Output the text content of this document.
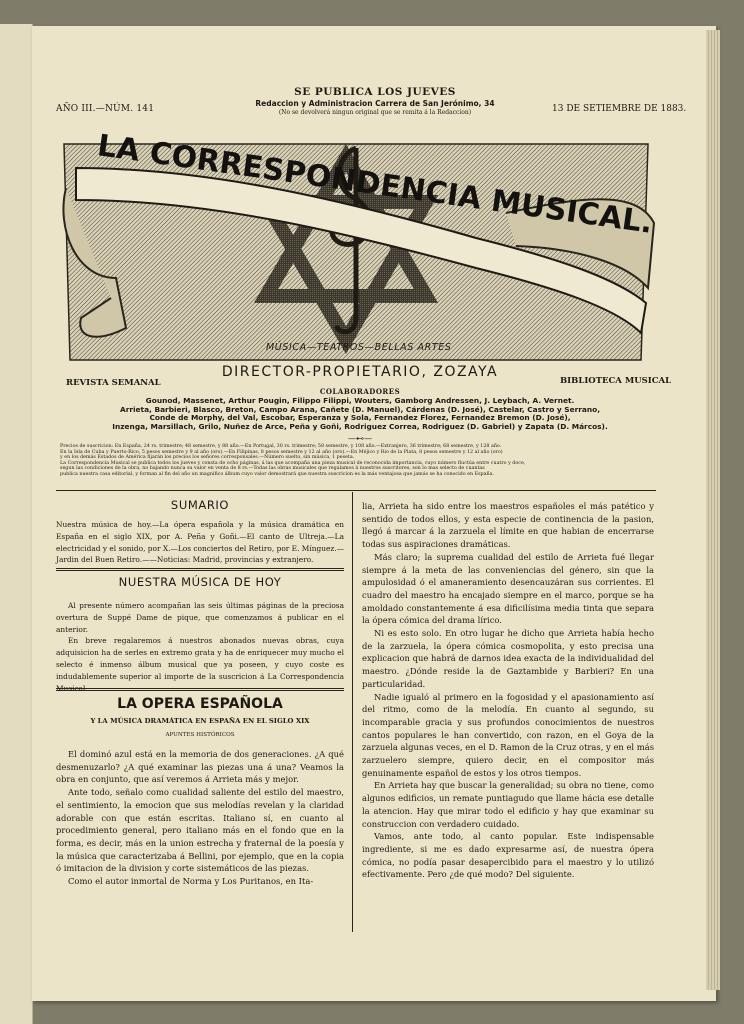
AÑO III.—NÚM. 141
SE PUBLICA LOS JUEVES
Redaccion y Administracion Carrera de San Jerónimo, 34
(No se devolverá ningun original que se remita á la Redaccion)	13 DE SETIEMBRE DE 1883.
LA CORRESPONDENCIA MUSICAL.
MÚSICA—TEATROS—BELLAS ARTES
DIRECTOR-PROPIETARIO, ZOZAYA
REVISTA SEMANAL	BIBLIOTECA MUSICAL
COLABORADORES
Gounod, Massenet, Arthur Pougin, Filippo Filippi, Wouters, Gamborg Andressen, J. Leybach, A. Vernet.
Arrieta, Barbieri, Blasco, Breton, Campo Arana, Cañete (D. Manuel), Cárdenas (D. José), Castelar, Castro y Serrano,
Conde de Morphy, del Val, Escobar, Esperanza y Sola, Fernandez Florez, Fernandez Bremon (D. José),
Inzenga, Marsillach, Grilo, Nuñez de Arce, Peña y Goñi, Rodriguez Correa, Rodriguez (D. Gabriel) y Zapata (D. Márcos).
—⊷—
Precios de suscricion: En España, 24 rs. trimestre; 48 semestre, y 88 año.—En Portugal, 30 rs. trimestre; 58 semestre, y 108 año.—Extranjero, 36 trimestre; 68 semestre, y 128 año.
En la Isla de Cuba y Puerto-Rico, 5 pesos semestre y 9 al año (oro).—En Filipinas, 8 pesos semestre y 12 al año (oro).—En Méjico y Rio de la Plata, 8 pesos semestre y 12 al año (oro)
y en los demás Estados de América fijarán los precios los señores corresponsales.—Número suelto, sin música, 1 peseta.
La Correspondencia Musical se publica todos los jueves y consta de ocho páginas, á las que acompaña una pieza musical de reconocida importancia, cuyo número fluctúa entre cuatro y doce,
segun las condiciones de la obra, no bajando nunca su valor en venta de 8 rs.—Todas las obras musicales que regalamos á nuestros suscritores, son lo mas selecto de cuantas
publica nuestra casa editorial, y forman al fin del año un magnífico álbum cuyo valor demostrará que nuestra suscricion es la más ventajosa que jamás se ha conocido en España.
SUMARIO

Nuestra música de hoy.—La ópera española y la música dramática en España en el siglo XIX, por A. Peña y Goñi.—El canto de Ultreja.—La electricidad y el sonido, por X.—Los conciertos del Retiro, por E. Mínguez.—Jardin del Buen Retiro.——Noticias: Madrid, provincias y extranjero.

NUESTRA MÚSICA DE HOY

Al presente número acompañan las seis últimas páginas de la preciosa overtura de Suppé Dame de pique, que comenzamos á publicar en el anterior.

En breve regalaremos á nuestros abonados nuevas obras, cuya adquisicion ha de serles en extremo grata y ha de enriquecer muy mucho el selecto é inmenso álbum musical que ya poseen, y cuyo coste es indudablemente superior al importe de la suscricion á La Correspondencia Musical.

LA OPERA ESPAÑOLA
Y LA MÚSICA DRAMÁTICA EN ESPAÑA EN EL SIGLO XIX
APUNTES HISTÓRICOS

El dominó azul está en la memoria de dos generaciones. ¿A qué desmenuzarlo? ¿A qué examinar las piezas una á una? Veamos la obra en conjunto, que así veremos á Arrieta más y mejor.

Ante todo, señalo como cualidad saliente del estilo del maestro, el sentimiento, la emocion que sus melodías revelan y la claridad adorable con que están escritas. Italiano sí, en cuanto al procedimiento general, pero italiano más en el fondo que en la forma, es decir, más en la union estrecha y fraternal de la poesía y la música que caracterizaba á Bellini, por ejemplo, que en la copia ó imitacion de la division y corte sistemáticos de las piezas.

Como el autor inmortal de Norma y Los Puritanos, en Ita-

lia, Arrieta ha sido entre los maestros españoles el más patético y sentido de todos ellos, y esta especie de continencia de la pasion, llegó á marcar á la zarzuela el límite en que habian de encerrarse todas sus aspiraciones dramáticas.

Más claro; la suprema cualidad del estilo de Arrieta fué llegar siempre á la meta de las conveniencias del género, sin que la ampulosidad ó el amaneramiento desencauzáran sus corrientes. El cuadro del maestro ha encajado siempre en el marco, porque se ha amoldado constantemente á esa dificilísima media tinta que separa la ópera cómica del drama lírico.

Ni es esto solo. En otro lugar he dicho que Arrieta había hecho de la zarzuela, la ópera cómica cosmopolita, y esto precisa una explicacion que habrá de darnos idea exacta de la individualidad del maestro. ¿Dónde reside la de Gaztambide y Barbieri? En una particularidad.

Nadie igualó al primero en la fogosidad y el apasionamiento así del ritmo, como de la melodía. En cuanto al segundo, su incomparable gracia y sus profundos conocimientos de nuestros cantos populares le han convertido, con razon, en el Goya de la zarzuela algunas veces, en el D. Ramon de la Cruz otras, y en el más zarzuelero siempre, quiero decir, en el compositor más genuinamente español de estos y los otros tiempos.

En Arrieta hay que buscar la generalidad; su obra no tiene, como algunos edificios, un remate puntiagudo que llame hácia ese detalle la atencion. Hay que mirar todo el edificio y hay que examinar su construccion con verdadero cuidado.

Vamos, ante todo, al canto popular. Este indispensable ingrediente, si me es dado expresarme así, de nuestra ópera cómica, no podía pasar desapercibido para el maestro y lo utilizó efectivamente. Pero ¿de qué modo? Del siguiente.
